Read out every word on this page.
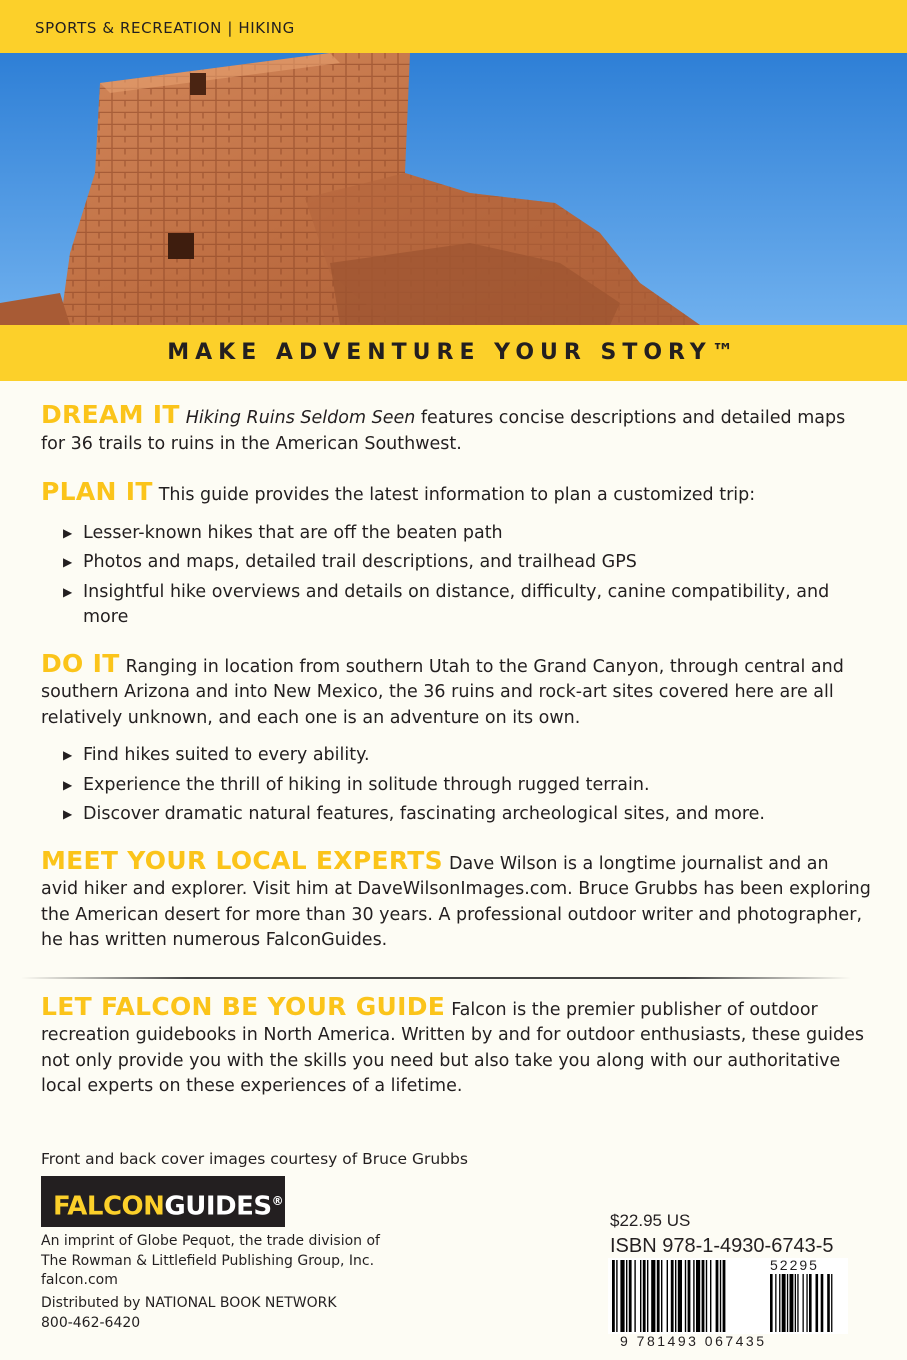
SPORTS & RECREATION | HIKING
MAKE ADVENTURE YOUR STORY™

DREAM IT Hiking Ruins Seldom Seen features concise descriptions and detailed maps for 36 trails to ruins in the American Southwest.

PLAN IT This guide provides the latest information to plan a customized trip:

▶ Lesser-known hikes that are off the beaten path
▶ Photos and maps, detailed trail descriptions, and trailhead GPS
▶ Insightful hike overviews and details on distance, difficulty, canine compatibility, and more

DO IT Ranging in location from southern Utah to the Grand Canyon, through central and southern Arizona and into New Mexico, the 36 ruins and rock-art sites covered here are all relatively unknown, and each one is an adventure on its own.

▶ Find hikes suited to every ability.
▶ Experience the thrill of hiking in solitude through rugged terrain.
▶ Discover dramatic natural features, fascinating archeological sites, and more.

MEET YOUR LOCAL EXPERTS Dave Wilson is a longtime journalist and an avid hiker and explorer. Visit him at DaveWilsonImages.com. Bruce Grubbs has been exploring the American desert for more than 30 years. A professional outdoor writer and photographer, he has written numerous FalconGuides.

LET FALCON BE YOUR GUIDE Falcon is the premier publisher of outdoor recreation guidebooks in North America. Written by and for outdoor enthusiasts, these guides not only provide you with the skills you need but also take you along with our authoritative local experts on these experiences of a lifetime.

Front and back cover images courtesy of Bruce Grubbs
FALCONGUIDES®
An imprint of Globe Pequot, the trade division of
The Rowman & Littlefield Publishing Group, Inc.
falcon.com
Distributed by NATIONAL BOOK NETWORK
800-462-6420
$22.95 US
ISBN 978-1-4930-6743-5
52295
9 781493 067435
